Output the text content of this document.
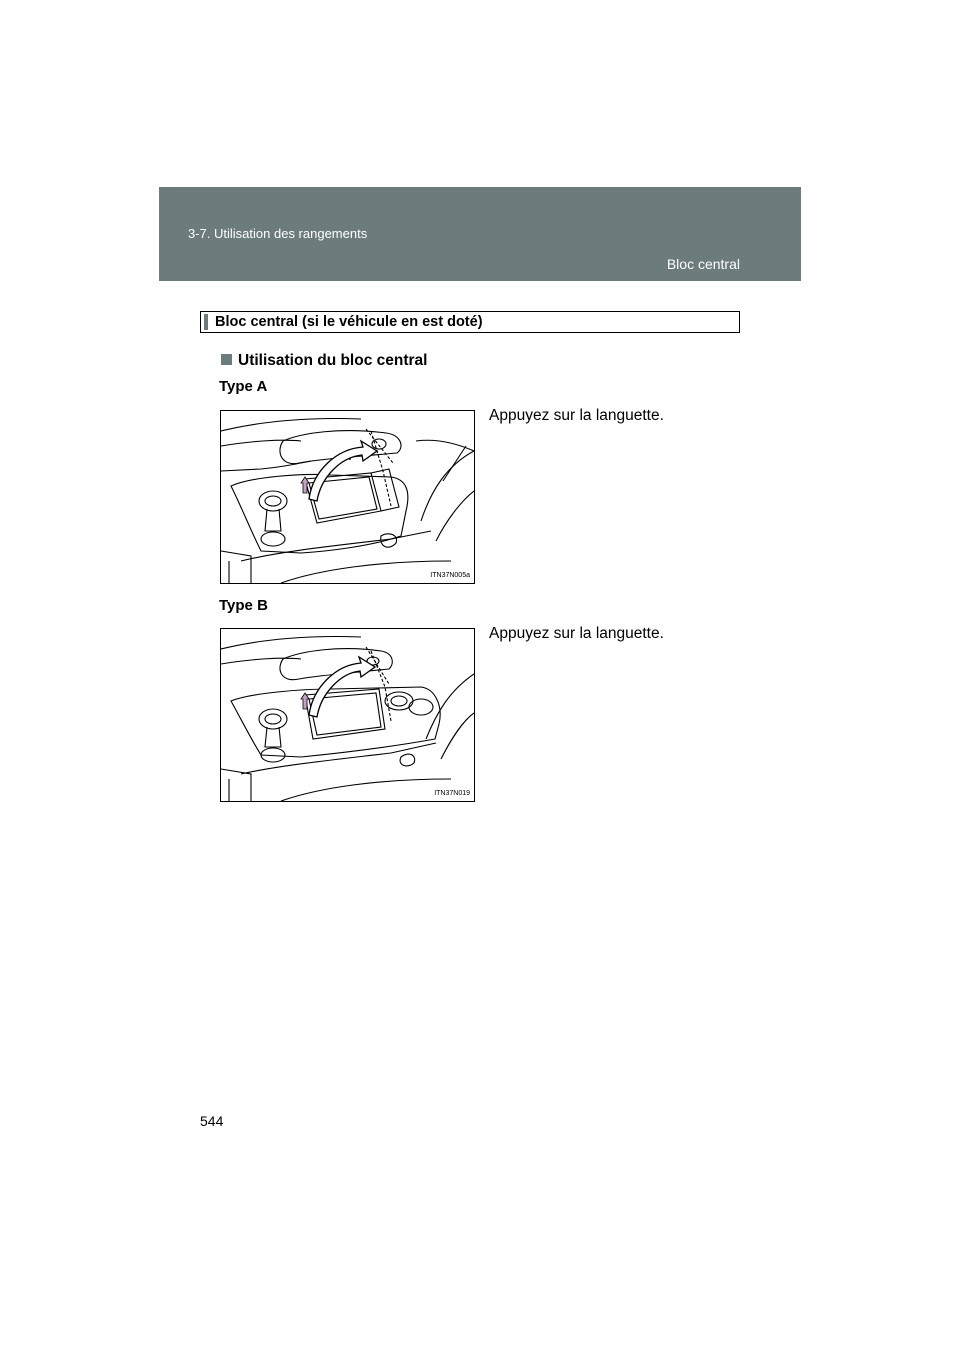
3-7. Utilisation des rangements
Bloc central
Bloc central (si le véhicule en est doté)
Utilisation du bloc central
Type A
ITN37N005a
Appuyez sur la languette.
Type B
ITN37N019
Appuyez sur la languette.
544
